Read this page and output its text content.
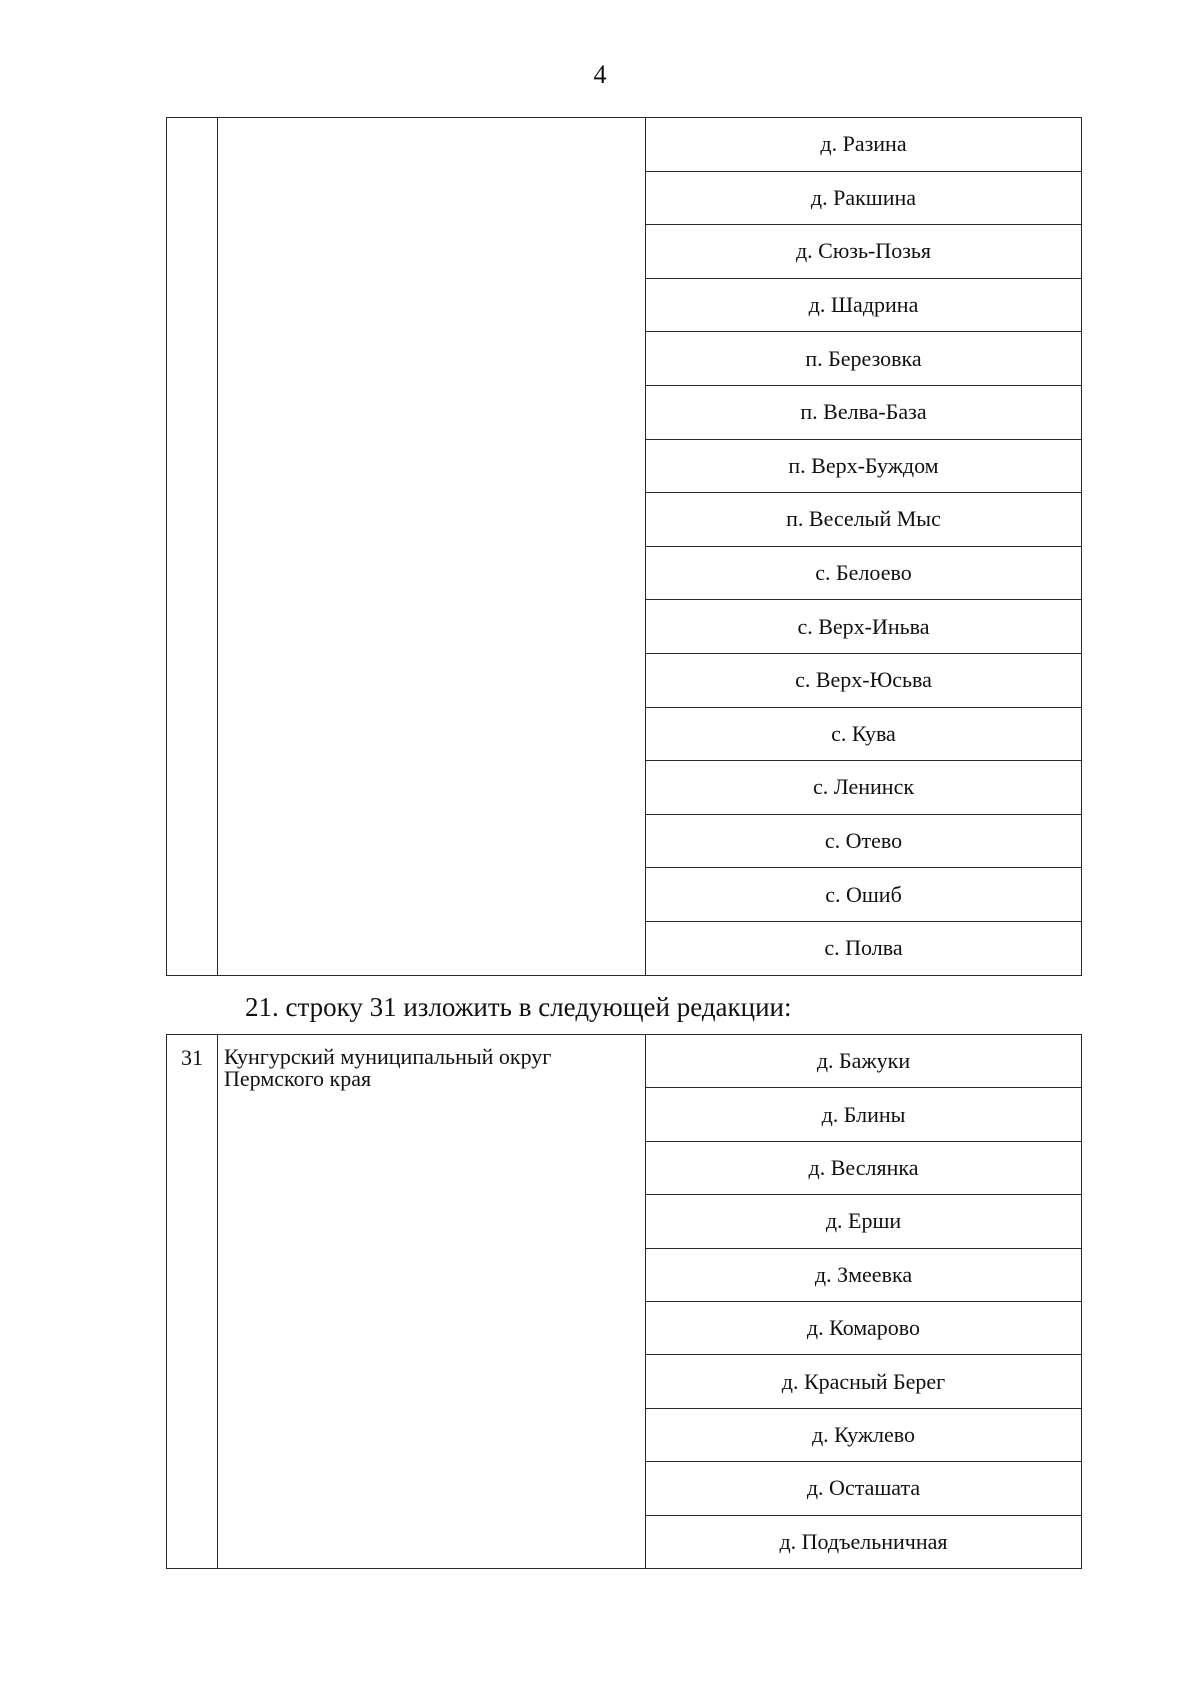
4
		д. Разина
д. Ракшина
д. Сюзь-Позья
д. Шадрина
п. Березовка
п. Велва-База
п. Верх-Буждом
п. Веселый Мыс
с. Белоево
с. Верх-Иньва
с. Верх-Юсьва
с. Кува
с. Ленинск
с. Отево
с. Ошиб
с. Полва
21. строку 31 изложить в следующей редакции:
31	Кунгурский муниципальный округ Пермского края	д. Бажуки
д. Блины
д. Веслянка
д. Ерши
д. Змеевка
д. Комарово
д. Красный Берег
д. Кужлево
д. Осташата
д. Подъельничная
